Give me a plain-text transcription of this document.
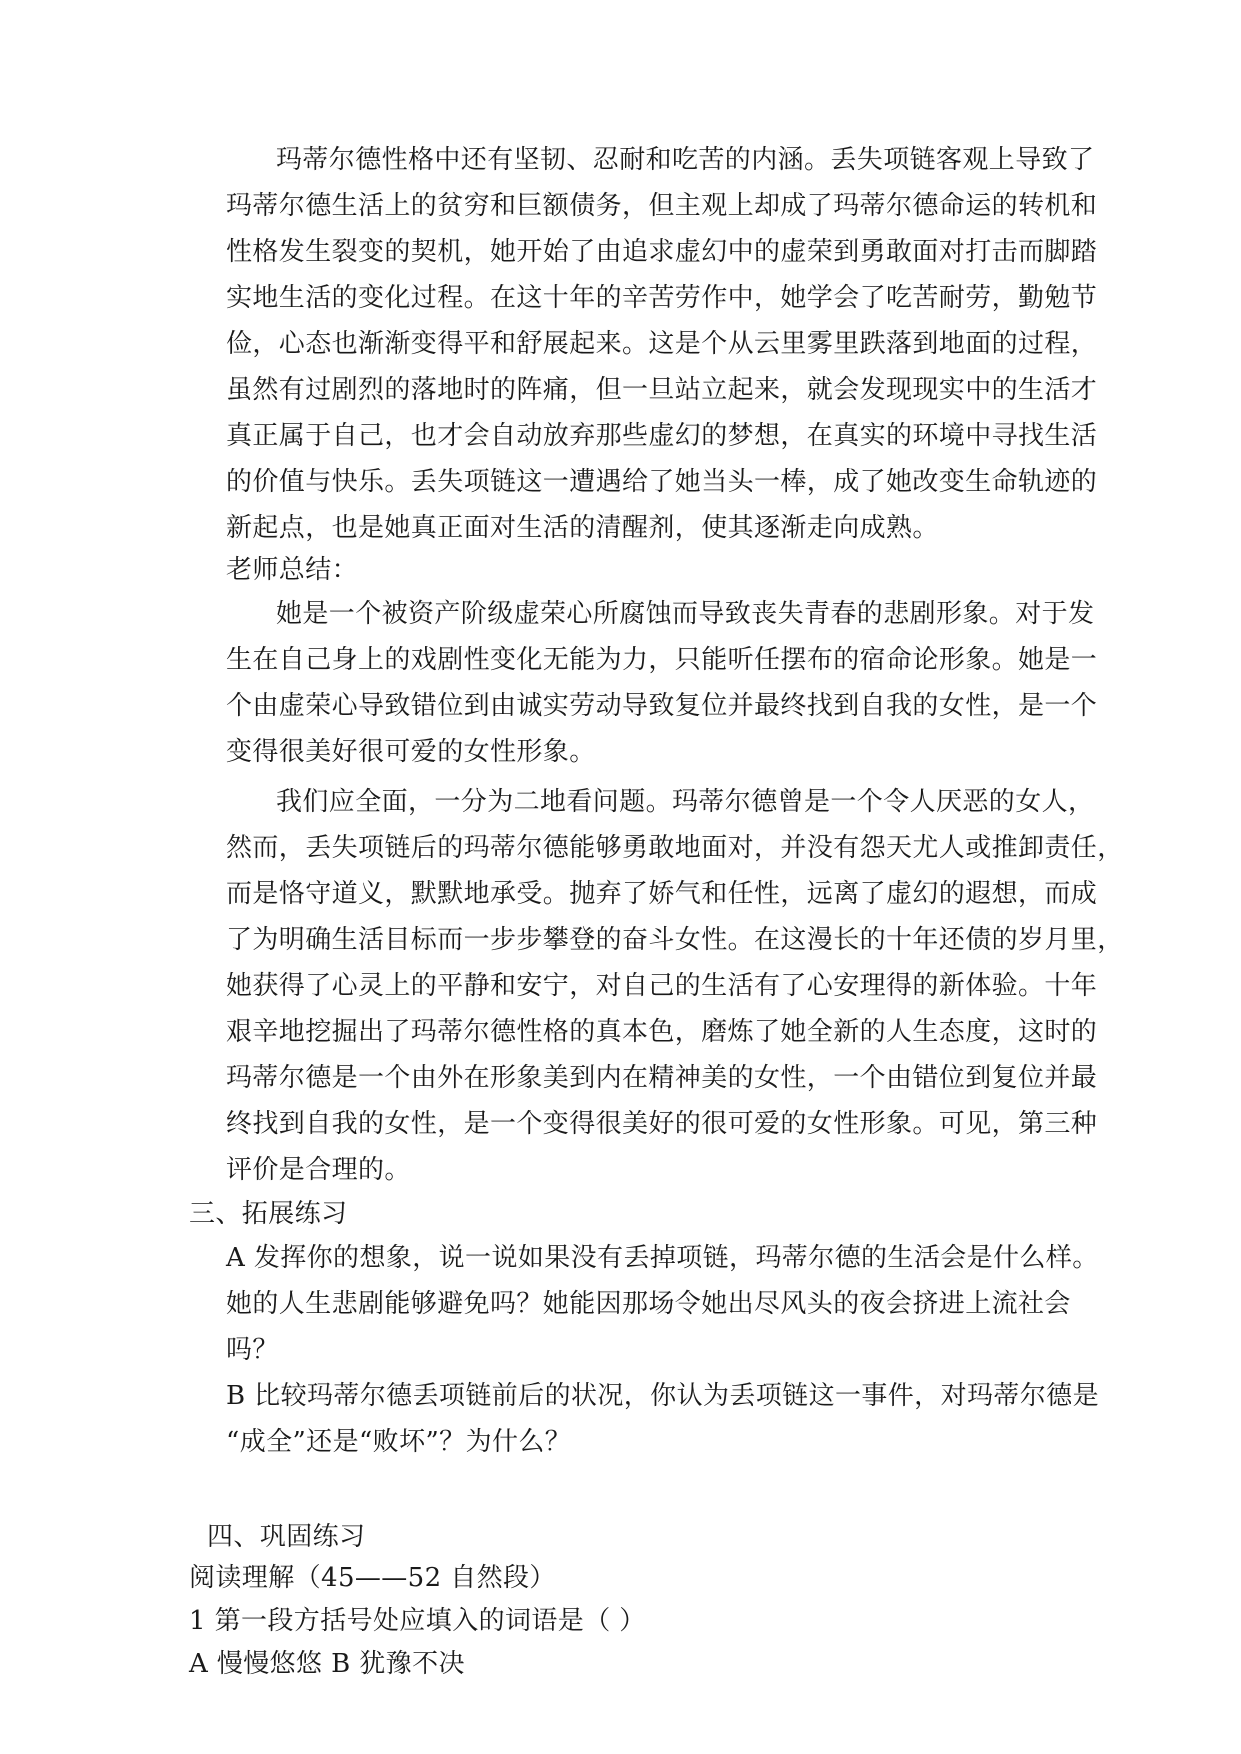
玛蒂尔德性格中还有坚韧、忍耐和吃苦的内涵。丢失项链客观上导致了
玛蒂尔德生活上的贫穷和巨额债务，但主观上却成了玛蒂尔德命运的转机和
性格发生裂变的契机，她开始了由追求虚幻中的虚荣到勇敢面对打击而脚踏
实地生活的变化过程。在这十年的辛苦劳作中，她学会了吃苦耐劳，勤勉节
俭，心态也渐渐变得平和舒展起来。这是个从云里雾里跌落到地面的过程，
虽然有过剧烈的落地时的阵痛，但一旦站立起来，就会发现现实中的生活才
真正属于自己，也才会自动放弃那些虚幻的梦想，在真实的环境中寻找生活
的价值与快乐。丢失项链这一遭遇给了她当头一棒，成了她改变生命轨迹的
新起点，也是她真正面对生活的清醒剂，使其逐渐走向成熟。
老师总结：
她是一个被资产阶级虚荣心所腐蚀而导致丧失青春的悲剧形象。对于发
生在自己身上的戏剧性变化无能为力，只能听任摆布的宿命论形象。她是一
个由虚荣心导致错位到由诚实劳动导致复位并最终找到自我的女性，是一个
变得很美好很可爱的女性形象。
我们应全面，一分为二地看问题。玛蒂尔德曾是一个令人厌恶的女人，
然而，丢失项链后的玛蒂尔德能够勇敢地面对，并没有怨天尤人或推卸责任，
而是恪守道义，默默地承受。抛弃了娇气和任性，远离了虚幻的遐想，而成
了为明确生活目标而一步步攀登的奋斗女性。在这漫长的十年还债的岁月里，
她获得了心灵上的平静和安宁，对自己的生活有了心安理得的新体验。十年
艰辛地挖掘出了玛蒂尔德性格的真本色，磨炼了她全新的人生态度，这时的
玛蒂尔德是一个由外在形象美到内在精神美的女性，一个由错位到复位并最
终找到自我的女性，是一个变得很美好的很可爱的女性形象。可见，第三种
评价是合理的。
三、拓展练习
A 发挥你的想象，说一说如果没有丢掉项链，玛蒂尔德的生活会是什么样。
她的人生悲剧能够避免吗？她能因那场令她出尽风头的夜会挤进上流社会
吗？
B 比较玛蒂尔德丢项链前后的状况，你认为丢项链这一事件，对玛蒂尔德是
“成全”还是“败坏”？为什么？
四、巩固练习
阅读理解（45——52 自然段）
1 第一段方括号处应填入的词语是（ ）
A 慢慢悠悠 B 犹豫不决
